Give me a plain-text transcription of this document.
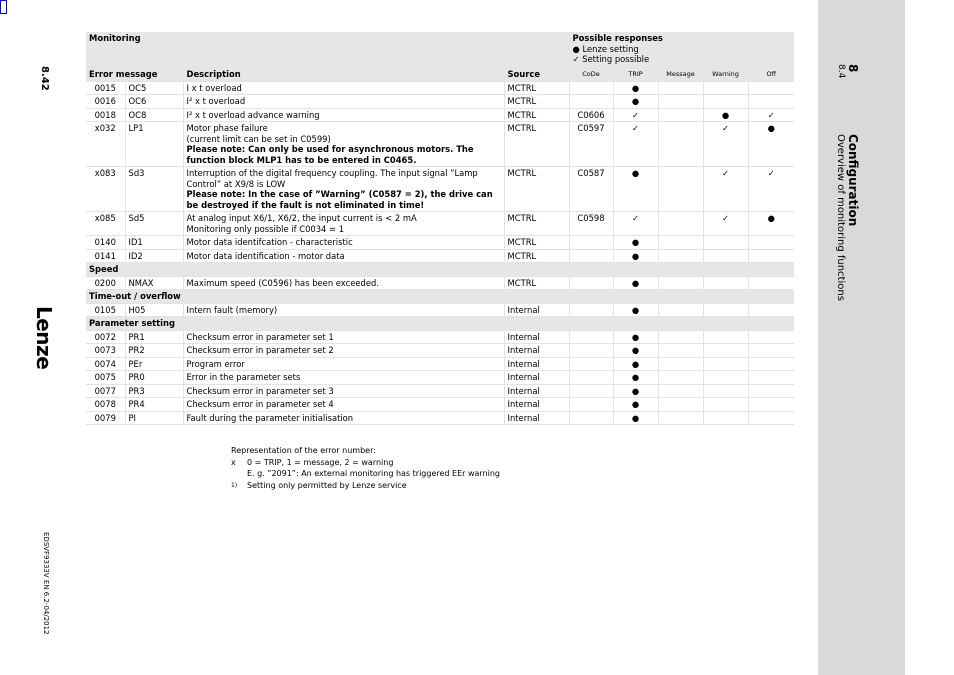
8.42
Lenze
EDSVF9333V EN 6.2-04/2012
8
8.4
Configuration
Overview of monitoring functions
Monitoring				Possible responses
● Lenze setting
✓ Setting possible				

Error message		Description	Source	CoDe	TRIP	Message	Warning	Off
0015	OC5	I x t overload	MCTRL		●			
0016	OC6	I² x t overload	MCTRL		●			
0018	OC8	I² x t overload advance warning	MCTRL	C0606	✓		●	✓
x032	LP1	Motor phase failure
(current limit can be set in C0599)
Please note: Can only be used for asynchronous motors. The function block MLP1 has to be entered in C0465.	MCTRL	C0597	✓		✓	●
x083	Sd3	Interruption of the digital frequency coupling. The input signal ”Lamp Control” at X9/8 is LOW
Please note: In the case of ”Warning” (C0587 = 2), the drive can be destroyed if the fault is not eliminated in time!	MCTRL	C0587	●		✓	✓
x085	Sd5	At analog input X6/1, X6/2, the input current is < 2 mA
Monitoring only possible if C0034 = 1	MCTRL	C0598	✓		✓	●
0140	ID1	Motor data identifcation - characteristic	MCTRL		●			
0141	ID2	Motor data identification - motor data	MCTRL		●			
Speed								
0200	NMAX	Maximum speed (C0596) has been exceeded.	MCTRL		●			
Time-out / overflow								
0105	H05	Intern fault (memory)	Internal		●			
Parameter setting								
0072	PR1	Checksum error in parameter set 1	Internal		●			
0073	PR2	Checksum error in parameter set 2	Internal		●			
0074	PEr	Program error	Internal		●			
0075	PR0	Error in the parameter sets	Internal		●			
0077	PR3	Checksum error in parameter set 3	Internal		●			
0078	PR4	Checksum error in parameter set 4	Internal		●			
0079	PI	Fault during the parameter initialisation	Internal		●			
Representation of the error number:
x 0 = TRIP, 1 = message, 2 = warning
E. g. ”2091”: An external monitoring has triggered EEr warning
1) Setting only permitted by Lenze service
